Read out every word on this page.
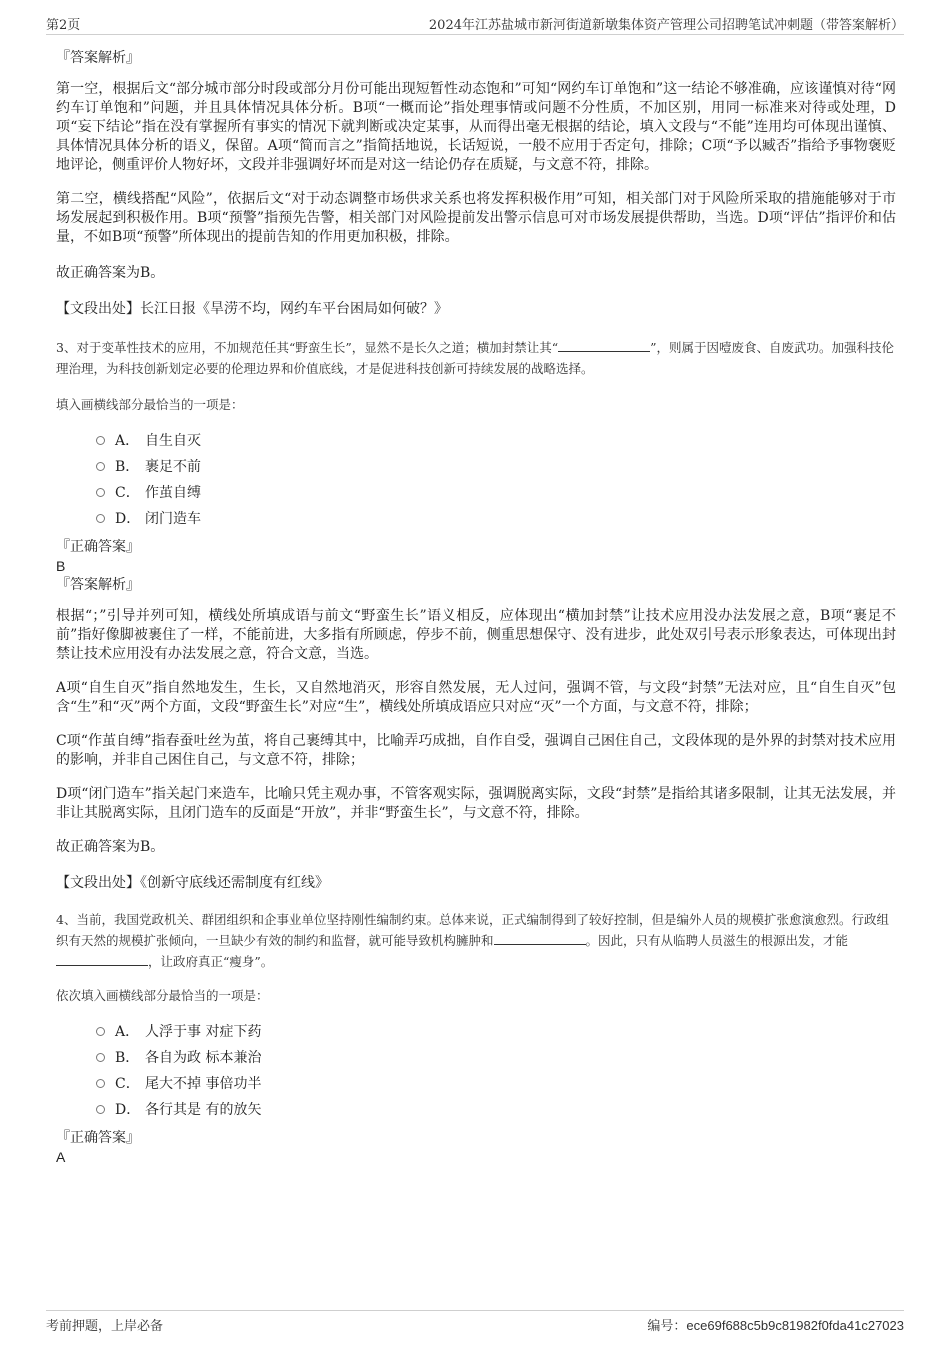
第2页	2024年江苏盐城市新河街道新墩集体资产管理公司招聘笔试冲刺题（带答案解析）

『答案解析』

第一空，根据后文“部分城市部分时段或部分月份可能出现短暂性动态饱和”可知“网约车订单饱和”这一结论不够准确，应该谨慎对待“网约车订单饱和”问题，并且具体情况具体分析。B项“一概而论”指处理事情或问题不分性质，不加区别，用同一标准来对待或处理，D项“妄下结论”指在没有掌握所有事实的情况下就判断或决定某事，从而得出毫无根据的结论，填入文段与“不能”连用均可体现出谨慎、具体情况具体分析的语义，保留。A项“简而言之”指简括地说，长话短说，一般不应用于否定句，排除；C项“予以臧否”指给予事物褒贬地评论，侧重评价人物好坏，文段并非强调好坏而是对这一结论仍存在质疑，与文意不符，排除。

第二空，横线搭配“风险”，依据后文“对于动态调整市场供求关系也将发挥积极作用”可知，相关部门对于风险所采取的措施能够对于市场发展起到积极作用。B项“预警”指预先告警，相关部门对风险提前发出警示信息可对市场发展提供帮助，当选。D项“评估”指评价和估量，不如B项“预警”所体现出的提前告知的作用更加积极，排除。

故正确答案为B。

【文段出处】长江日报《旱涝不均，网约车平台困局如何破？》

3、对于变革性技术的应用，不加规范任其“野蛮生长”，显然不是长久之道；横加封禁让其“	”，则属于因噎废食、自废武功。加强科技伦理治理，为科技创新划定必要的伦理边界和价值底线，才是促进科技创新可持续发展的战略选择。

填入画横线部分最恰当的一项是：

A． 自生自灭
B． 裹足不前
C． 作茧自缚
D． 闭门造车

『正确答案』

B

『答案解析』

根据“；”引导并列可知，横线处所填成语与前文“野蛮生长”语义相反，应体现出“横加封禁”让技术应用没办法发展之意，B项“裹足不前”指好像脚被裹住了一样，不能前进，大多指有所顾虑，停步不前，侧重思想保守、没有进步，此处双引号表示形象表达，可体现出封禁让技术应用没有办法发展之意，符合文意，当选。

A项“自生自灭”指自然地发生，生长，又自然地消灭，形容自然发展，无人过问，强调不管，与文段“封禁”无法对应，且“自生自灭”包含“生”和“灭”两个方面，文段“野蛮生长”对应“生”，横线处所填成语应只对应“灭”一个方面，与文意不符，排除；

C项“作茧自缚”指春蚕吐丝为茧，将自己裹缚其中，比喻弄巧成拙，自作自受，强调自己困住自己，文段体现的是外界的封禁对技术应用的影响，并非自己困住自己，与文意不符，排除；

D项“闭门造车”指关起门来造车，比喻只凭主观办事，不管客观实际，强调脱离实际，文段“封禁”是指给其诸多限制，让其无法发展，并非让其脱离实际，且闭门造车的反面是“开放”，并非“野蛮生长”，与文意不符，排除。

故正确答案为B。

【文段出处】《创新守底线还需制度有红线》

4、当前，我国党政机关、群团组织和企事业单位坚持刚性编制约束。总体来说，正式编制得到了较好控制，但是编外人员的规模扩张愈演愈烈。行政组织有天然的规模扩张倾向，一旦缺少有效的制约和监督，就可能导致机构臃肿和	。因此，只有从临聘人员滋生的根源出发，才能，让政府真正“瘦身”。

依次填入画横线部分最恰当的一项是：

A． 人浮于事 对症下药
B． 各自为政 标本兼治
C． 尾大不掉 事倍功半
D． 各行其是 有的放矢

『正确答案』

A

考前押题，上岸必备	编号：ece69f688c5b9c81982f0fda41c27023
